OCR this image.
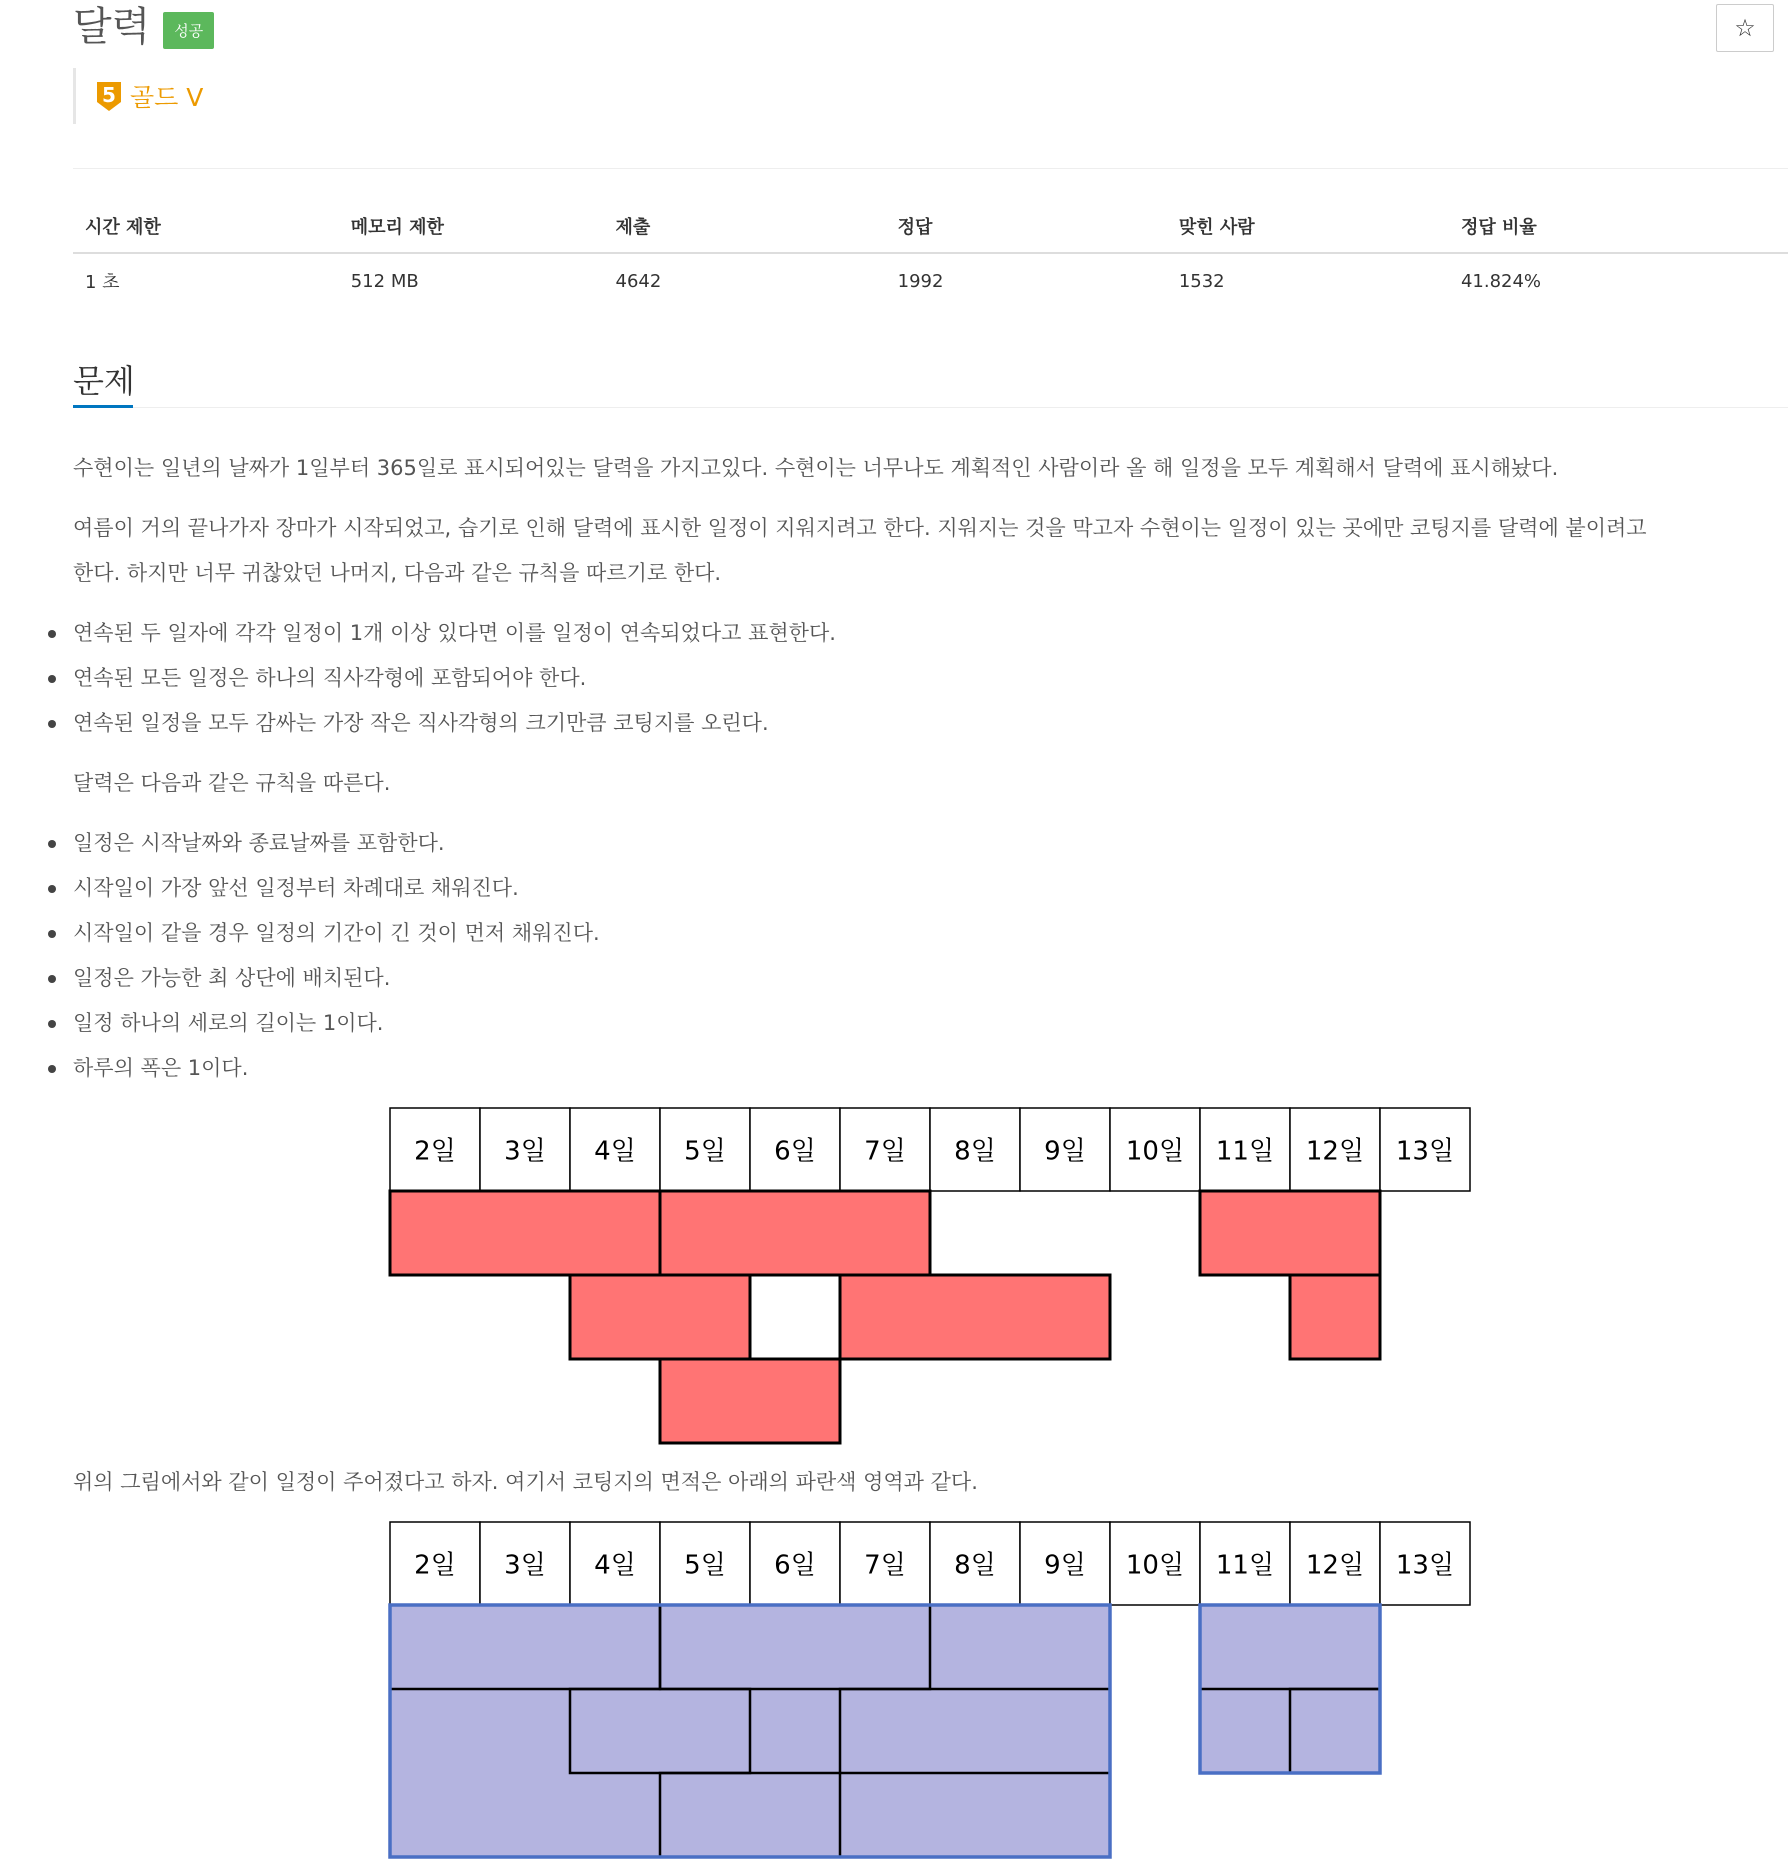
달력	성공	☆
5 골드 V
시간 제한	메모리 제한	제출	정답	맞힌 사람	정답 비율
1 초	512 MB	4642	1992	1532	41.824%
문제
수현이는 일년의 날짜가 1일부터 365일로 표시되어있는 달력을 가지고있다. 수현이는 너무나도 계획적인 사람이라 올 해 일정을 모두 계획해서 달력에 표시해놨다.
여름이 거의 끝나가자 장마가 시작되었고, 습기로 인해 달력에 표시한 일정이 지워지려고 한다. 지워지는 것을 막고자 수현이는 일정이 있는 곳에만 코팅지를 달력에 붙이려고
한다. 하지만 너무 귀찮았던 나머지, 다음과 같은 규칙을 따르기로 한다.
연속된 두 일자에 각각 일정이 1개 이상 있다면 이를 일정이 연속되었다고 표현한다.
연속된 모든 일정은 하나의 직사각형에 포함되어야 한다.
연속된 일정을 모두 감싸는 가장 작은 직사각형의 크기만큼 코팅지를 오린다.
달력은 다음과 같은 규칙을 따른다.
일정은 시작날짜와 종료날짜를 포함한다.
시작일이 가장 앞선 일정부터 차례대로 채워진다.
시작일이 같을 경우 일정의 기간이 긴 것이 먼저 채워진다.
일정은 가능한 최 상단에 배치된다.
일정 하나의 세로의 길이는 1이다.
하루의 폭은 1이다.
위의 그림에서와 같이 일정이 주어졌다고 하자. 여기서 코팅지의 면적은 아래의 파란색 영역과 같다.
2일 3일 4일 5일 6일 7일 8일 9일 10일 11일 12일 13일
2일 3일 4일 5일 6일 7일 8일 9일 10일 11일 12일 13일
